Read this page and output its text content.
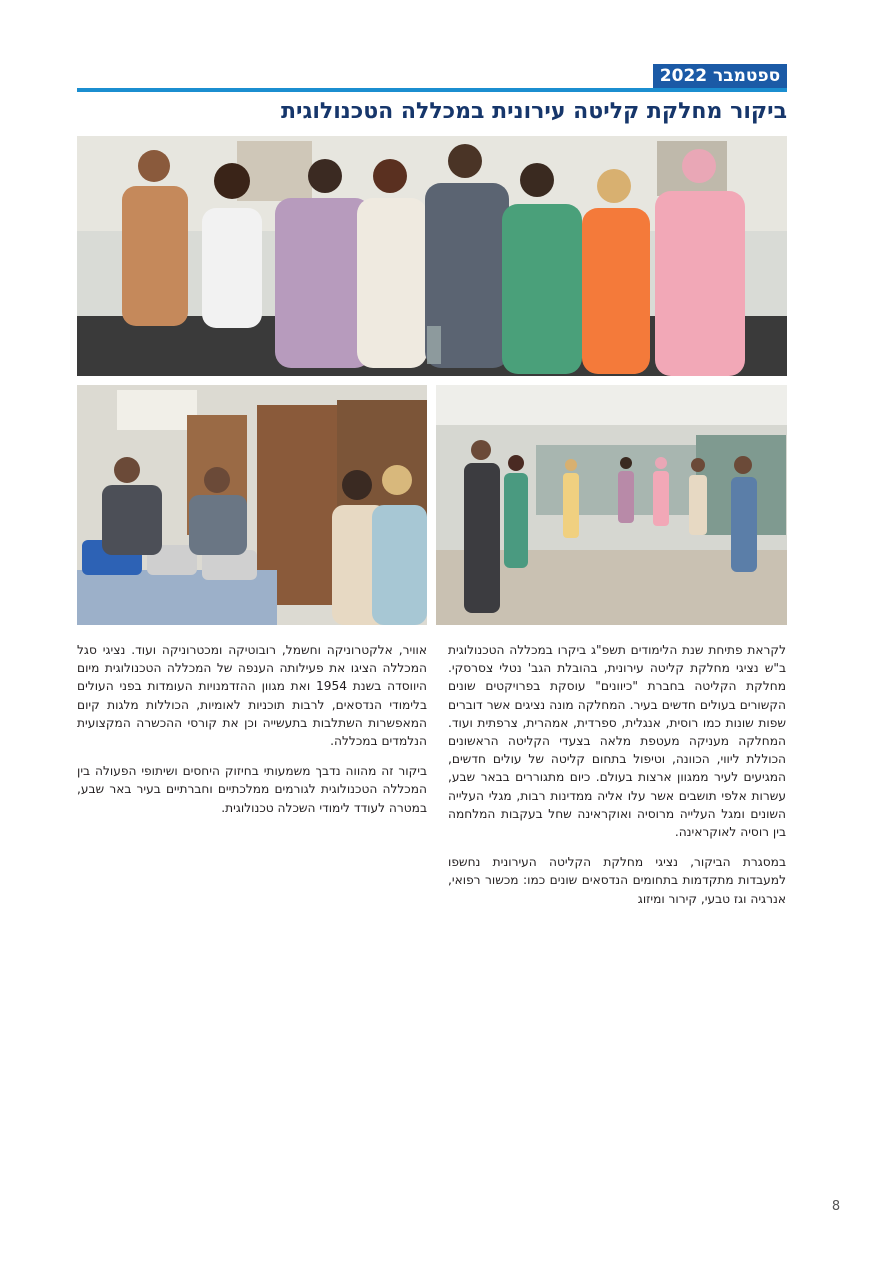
ספטמבר 2022
ביקור מחלקת קליטה עירונית במכללה הטכנולוגית

לקראת פתיחת שנת הלימודים תשפ"ג ביקרו במכללה הטכנולוגית ב"ש נציגי מחלקת קליטה עירונית, בהובלת הגב' נטלי צסרסקי. מחלקת הקליטה בחברת "כיוונים" עוסקת בפרויקטים שונים הקשורים בעולים חדשים בעיר. המחלקה מונה נציגים אשר דוברים שפות שונות כמו רוסית, אנגלית, ספרדית, אמהרית, צרפתית ועוד. המחלקה מעניקה מעטפת מלאה בצעדי הקליטה הראשונים הכוללת ליווי, הכוונה, וטיפול בתחום קליטה של עולים חדשים, המגיעים לעיר ממגוון ארצות בעולם. כיום מתגוררים בבאר שבע, עשרות אלפי תושבים אשר עלו אליה ממדינות רבות, מגלי העלייה השונים ומגל העלייה מרוסיה ואוקראינה שחל בעקבות המלחמה בין רוסיה לאוקראינה.

במסגרת הביקור, נציגי מחלקת הקליטה העירונית נחשפו למעבדות מתקדמות בתחומים הנדסאים שונים כמו: מכשור רפואי, אנרגיה וגז טבעי, קירור ומיזוג

אוויר, אלקטרוניקה וחשמל, רובוטיקה ומכטרוניקה ועוד. נציגי סגל המכללה הציגו את פעילותה הענפה של המכללה הטכנולוגית מיום היווסדה בשנת 1954 ואת מגוון ההזדמנויות העומדות בפני העולים בלימודי הנדסאים, לרבות תוכניות לאומיות, הכוללות מלגות קיום המאפשרות השתלבות בתעשייה וכן את קורסי ההכשרה המקצועית הנלמדים במכללה.

ביקור זה מהווה נדבך משמעותי בחיזוק היחסים ושיתופי הפעולה בין המכללה הטכנולוגית לגורמים ממלכתיים וחברתיים בעיר באר שבע, במטרה לעודד לימודי השכלה טכנולוגית.

8
